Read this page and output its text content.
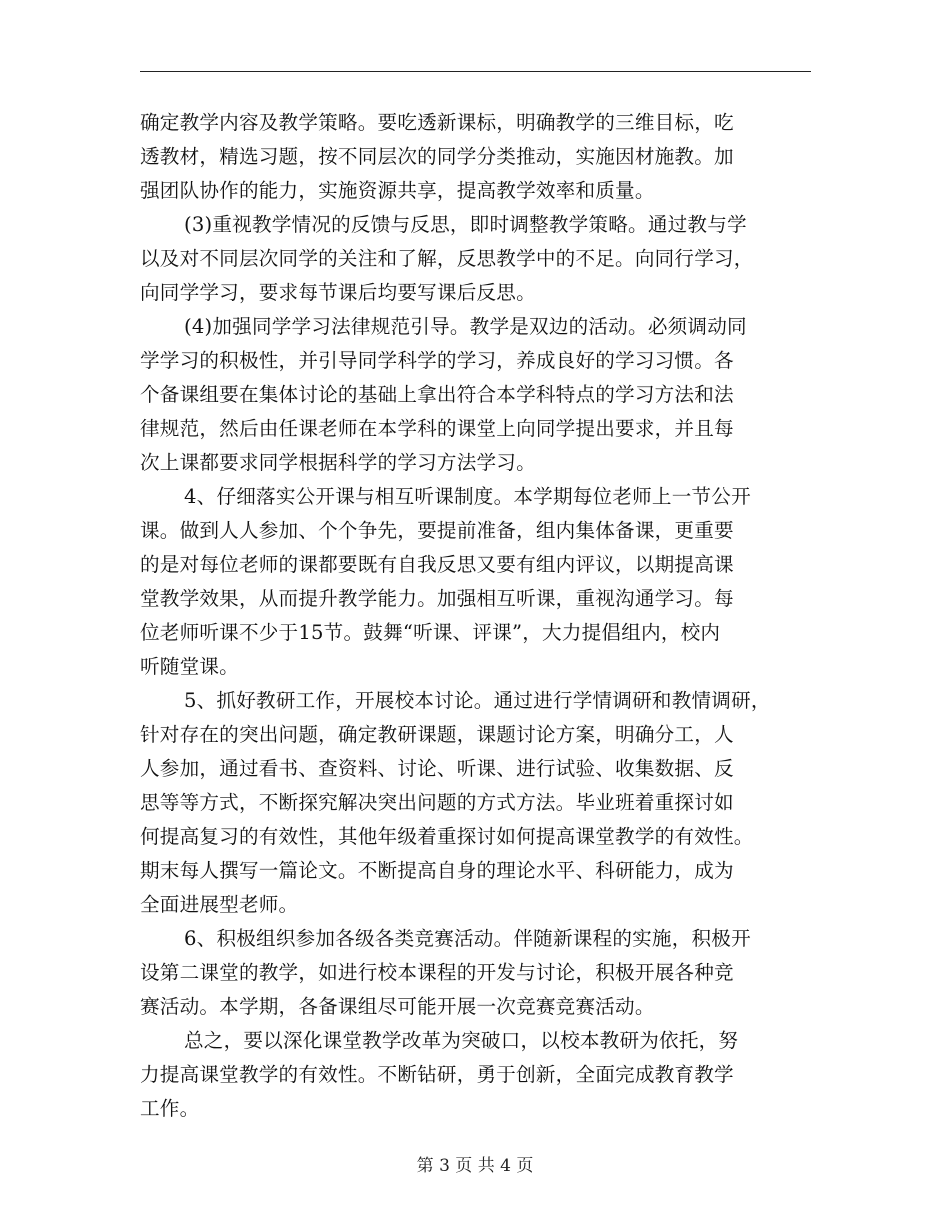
确定教学内容及教学策略。要吃透新课标，明确教学的三维目标，吃
透教材，精选习题，按不同层次的同学分类推动，实施因材施教。加
强团队协作的能力，实施资源共享，提高教学效率和质量。
(3)重视教学情况的反馈与反思，即时调整教学策略。通过教与学
以及对不同层次同学的关注和了解，反思教学中的不足。向同行学习，
向同学学习，要求每节课后均要写课后反思。
(4)加强同学学习法律规范引导。教学是双边的活动。必须调动同
学学习的积极性，并引导同学科学的学习，养成良好的学习习惯。各
个备课组要在集体讨论的基础上拿出符合本学科特点的学习方法和法
律规范，然后由任课老师在本学科的课堂上向同学提出要求，并且每
次上课都要求同学根据科学的学习方法学习。
4、仔细落实公开课与相互听课制度。本学期每位老师上一节公开
课。做到人人参加、个个争先，要提前准备，组内集体备课，更重要
的是对每位老师的课都要既有自我反思又要有组内评议，以期提高课
堂教学效果，从而提升教学能力。加强相互听课，重视沟通学习。每
位老师听课不少于15节。鼓舞“听课、评课”，大力提倡组内，校内
听随堂课。
5、抓好教研工作，开展校本讨论。通过进行学情调研和教情调研，
针对存在的突出问题，确定教研课题，课题讨论方案，明确分工，人
人参加，通过看书、查资料、讨论、听课、进行试验、收集数据、反
思等等方式，不断探究解决突出问题的方式方法。毕业班着重探讨如
何提高复习的有效性，其他年级着重探讨如何提高课堂教学的有效性。
期末每人撰写一篇论文。不断提高自身的理论水平、科研能力，成为
全面进展型老师。
6、积极组织参加各级各类竞赛活动。伴随新课程的实施，积极开
设第二课堂的教学，如进行校本课程的开发与讨论，积极开展各种竞
赛活动。本学期，各备课组尽可能开展一次竞赛竞赛活动。
总之，要以深化课堂教学改革为突破口，以校本教研为依托，努
力提高课堂教学的有效性。不断钻研，勇于创新，全面完成教育教学
工作。
第 3 页 共 4 页
